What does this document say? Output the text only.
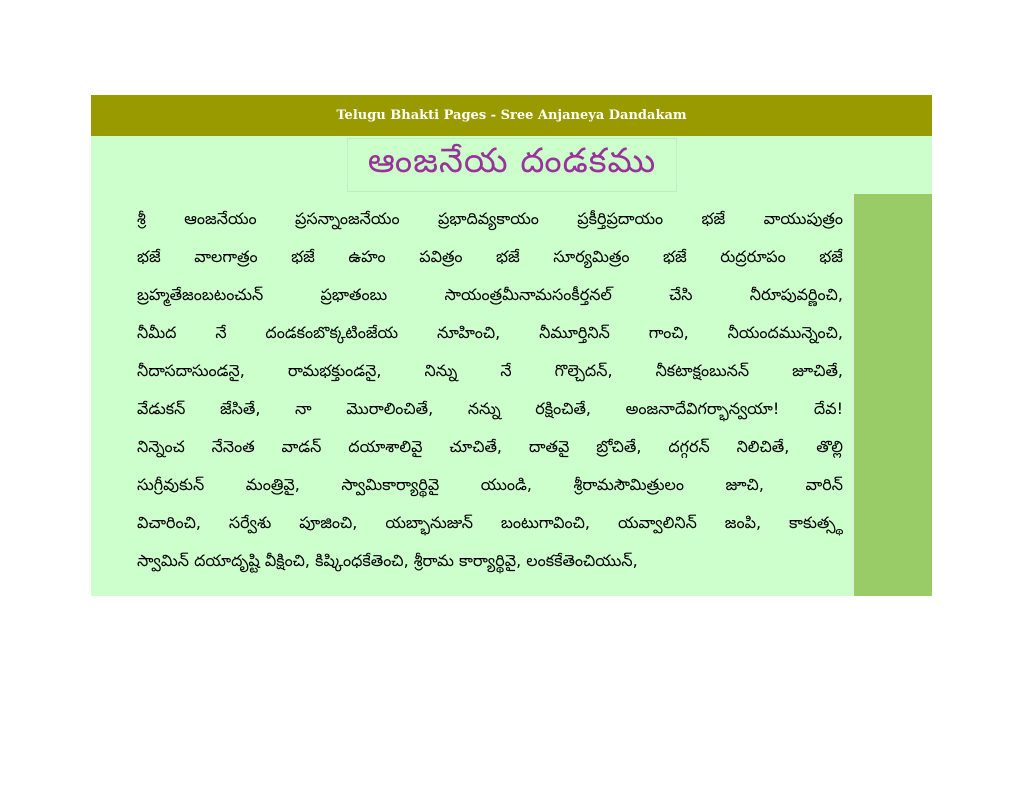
Telugu Bhakti Pages - Sree Anjaneya Dandakam
ఆంజనేయ దండకము
శ్రీ ఆంజనేయం ప్రసన్నాంజనేయం ప్రభాదివ్యకాయం ప్రకీర్తిప్రదాయం భజే వాయుపుత్రం
భజే వాలగాత్రం భజే ఉహం పవిత్రం భజే సూర్యమిత్రం భజే రుద్రరూపం భజే
బ్రహ్మతేజంబటంచున్ ప్రభాతంబు సాయంత్రమీనామసంకీర్తనల్ చేసి నీరూపువర్ణించి,
నీమీద నే దండకంబొక్కటింజేయ నూహించి, నీమూర్తినిన్ గాంచి, నీయందమున్నెంచి,
నీదాసదాసుండనై, రామభక్తుండనై, నిన్ను నే గొల్చెదన్, నీకటాక్షంబునన్ జూచితే,
వేడుకన్ జేసితే, నా మొరాలించితే, నన్ను రక్షించితే, అంజనాదేవిగర్భాన్వయా! దేవ!
నిన్నెంచ నేనెంత వాడన్ దయాశాలివై చూచితే, దాతవై బ్రోచితే, దగ్గరన్ నిలిచితే, తొల్లి
సుగ్రీవుకున్ మంత్రివై, స్వామికార్యార్థివై యుండి, శ్రీరామసౌమిత్రులం జూచి, వారిన్
విచారించి, సర్వేశు పూజించి, యబ్భానుజున్ బంటుగావించి, యవ్వాలినిన్ జంపి, కాకుత్స్థ
స్వామిన్ దయాదృష్టి వీక్షించి, కిష్కింధకేతెంచి, శ్రీరామ కార్యార్థివై, లంకకేతెంచియున్,
